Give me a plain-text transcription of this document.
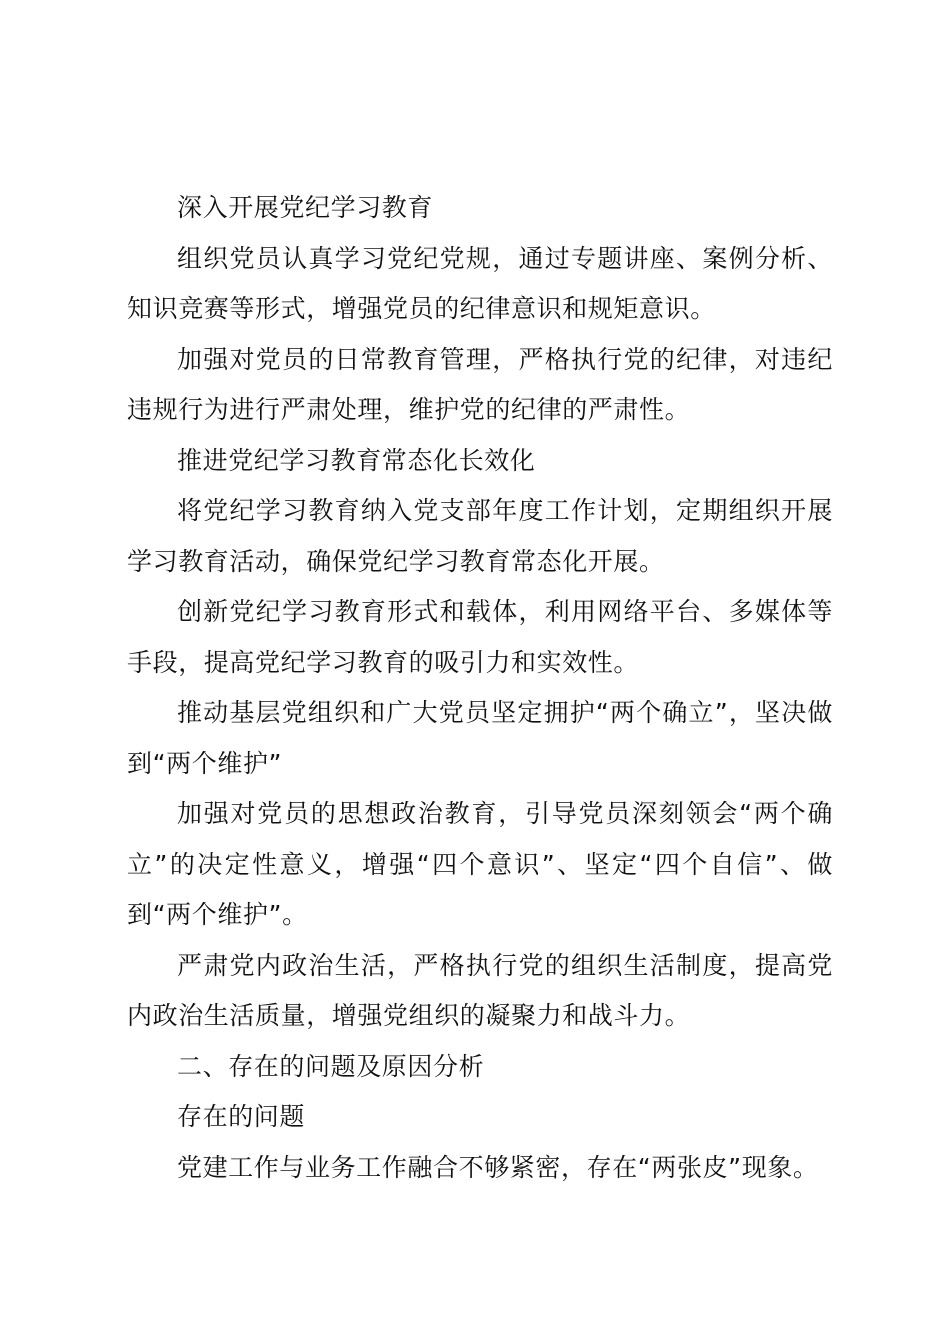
深入开展党纪学习教育

组织党员认真学习党纪党规，通过专题讲座、案例分析、知识竞赛等形式，增强党员的纪律意识和规矩意识。

加强对党员的日常教育管理，严格执行党的纪律，对违纪违规行为进行严肃处理，维护党的纪律的严肃性。

推进党纪学习教育常态化长效化

将党纪学习教育纳入党支部年度工作计划，定期组织开展学习教育活动，确保党纪学习教育常态化开展。

创新党纪学习教育形式和载体，利用网络平台、多媒体等手段，提高党纪学习教育的吸引力和实效性。

推动基层党组织和广大党员坚定拥护“两个确立”，坚决做到“两个维护”

加强对党员的思想政治教育，引导党员深刻领会“两个确立”的决定性意义，增强“四个意识”、坚定“四个自信”、做到“两个维护”。

严肃党内政治生活，严格执行党的组织生活制度，提高党内政治生活质量，增强党组织的凝聚力和战斗力。

二、存在的问题及原因分析

存在的问题

党建工作与业务工作融合不够紧密，存在“两张皮”现象。
